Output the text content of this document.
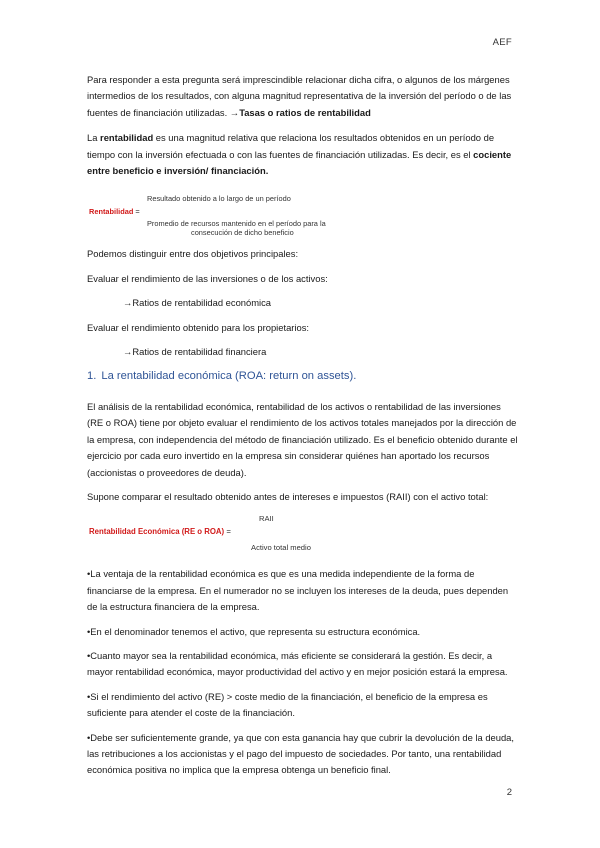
AEF

Para responder a esta pregunta será imprescindible relacionar dicha cifra, o algunos de los márgenes intermedios de los resultados, con alguna magnitud representativa de la inversión del período o de las fuentes de financiación utilizadas. →Tasas o ratios de rentabilidad

La rentabilidad es una magnitud relativa que relaciona los resultados obtenidos en un período de tiempo con la inversión efectuada o con las fuentes de financiación utilizadas. Es decir, es el cociente entre beneficio e inversión/ financiación.

Rentabilidad =
Resultado obtenido a lo largo de un período
Promedio de recursos mantenido en el período para la
consecución de dicho beneficio

Podemos distinguir entre dos objetivos principales:

Evaluar el rendimiento de las inversiones o de los activos:

→Ratios de rentabilidad económica

Evaluar el rendimiento obtenido para los propietarios:

→Ratios de rentabilidad financiera

1. La rentabilidad económica (ROA: return on assets).

El análisis de la rentabilidad económica, rentabilidad de los activos o rentabilidad de las inversiones (RE o ROA) tiene por objeto evaluar el rendimiento de los activos totales manejados por la dirección de la empresa, con independencia del método de financiación utilizado. Es el beneficio obtenido durante el ejercicio por cada euro invertido en la empresa sin considerar quiénes han aportado los recursos (accionistas o proveedores de deuda).

Supone comparar el resultado obtenido antes de intereses e impuestos (RAII) con el activo total:

RAII
Rentabilidad Económica (RE o ROA) =
Activo total medio

•La ventaja de la rentabilidad económica es que es una medida independiente de la forma de financiarse de la empresa. En el numerador no se incluyen los intereses de la deuda, pues dependen de la estructura financiera de la empresa.

•En el denominador tenemos el activo, que representa su estructura económica.

•Cuanto mayor sea la rentabilidad económica, más eficiente se considerará la gestión. Es decir, a mayor rentabilidad económica, mayor productividad del activo y en mejor posición estará la empresa.

•Si el rendimiento del activo (RE) > coste medio de la financiación, el beneficio de la empresa es suficiente para atender el coste de la financiación.

•Debe ser suficientemente grande, ya que con esta ganancia hay que cubrir la devolución de la deuda, las retribuciones a los accionistas y el pago del impuesto de sociedades. Por tanto, una rentabilidad económica positiva no implica que la empresa obtenga un beneficio final.

2
